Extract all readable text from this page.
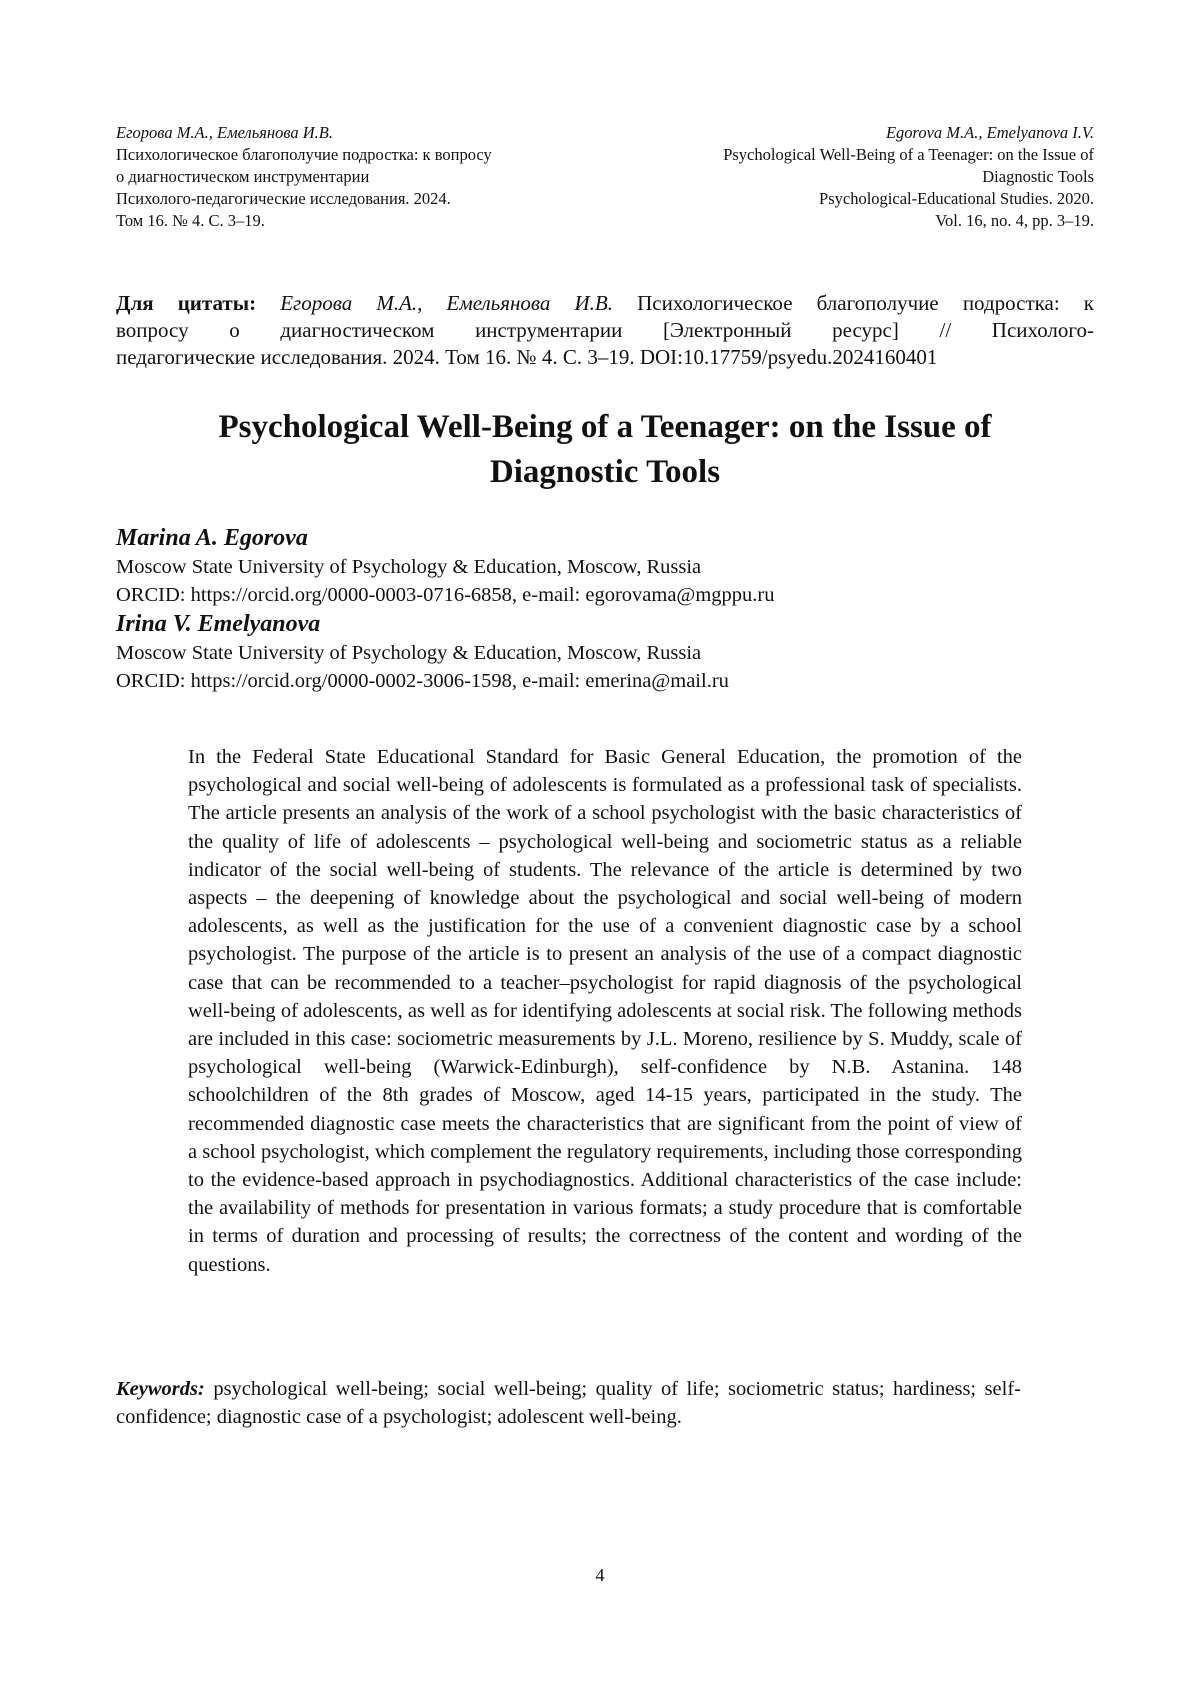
Егорова М.А., Емельянова И.В.
Психологическое благополучие подростка: к вопросу
о диагностическом инструментарии
Психолого-педагогические исследования. 2024.
Том 16. № 4. С. 3–19.
Egorova M.A., Emelyanova I.V.
Psychological Well-Being of a Teenager: on the Issue of
Diagnostic Tools
Psychological-Educational Studies. 2020.
Vol. 16, no. 4, pp. 3–19.

Для цитаты: Егорова М.А., Емельянова И.В. Психологическое благополучие подростка: к

вопросу о диагностическом инструментарии [Электронный ресурс] // Психолого-

педагогические исследования. 2024. Том 16. № 4. С. 3–19. DOI:10.17759/psyedu.2024160401

Psychological Well-Being of a Teenager: on the Issue of
Diagnostic Tools
Marina A. Egorova
Moscow State University of Psychology & Education, Moscow, Russia
ORCID: https://orcid.org/0000-0003-0716-6858, e-mail: egorovama@mgppu.ru
Irina V. Emelyanova
Moscow State University of Psychology & Education, Moscow, Russia
ORCID: https://orcid.org/0000-0002-3006-1598, e-mail: emerina@mail.ru

In the Federal State Educational Standard for Basic General Education, the promotion of the psychological and social well-being of adolescents is formulated as a professional task of specialists. The article presents an analysis of the work of a school psychologist with the basic characteristics of the quality of life of adolescents – psychological well-being and sociometric status as a reliable indicator of the social well-being of students. The relevance of the article is determined by two aspects – the deepening of knowledge about the psychological and social well-being of modern adolescents, as well as the justification for the use of a convenient diagnostic case by a school psychologist. The purpose of the article is to present an analysis of the use of a compact diagnostic case that can be recommended to a teacher–psychologist for rapid diagnosis of the psychological well-being of adolescents, as well as for identifying adolescents at social risk. The following methods are included in this case: sociometric measurements by J.L. Moreno, resilience by S. Muddy, scale of psychological well-being (Warwick-Edinburgh), self-confidence by N.B. Astanina. 148 schoolchildren of the 8th grades of Moscow, aged 14-15 years, participated in the study. The recommended diagnostic case meets the characteristics that are significant from the point of view of a school psychologist, which complement the regulatory requirements, including those corresponding to the evidence-based approach in psychodiagnostics. Additional characteristics of the case include: the availability of methods for presentation in various formats; a study procedure that is comfortable in terms of duration and processing of results; the correctness of the content and wording of the questions.

Keywords: psychological well-being; social well-being; quality of life; sociometric status; hardiness; self-confidence; diagnostic case of a psychologist; adolescent well-being.

4
